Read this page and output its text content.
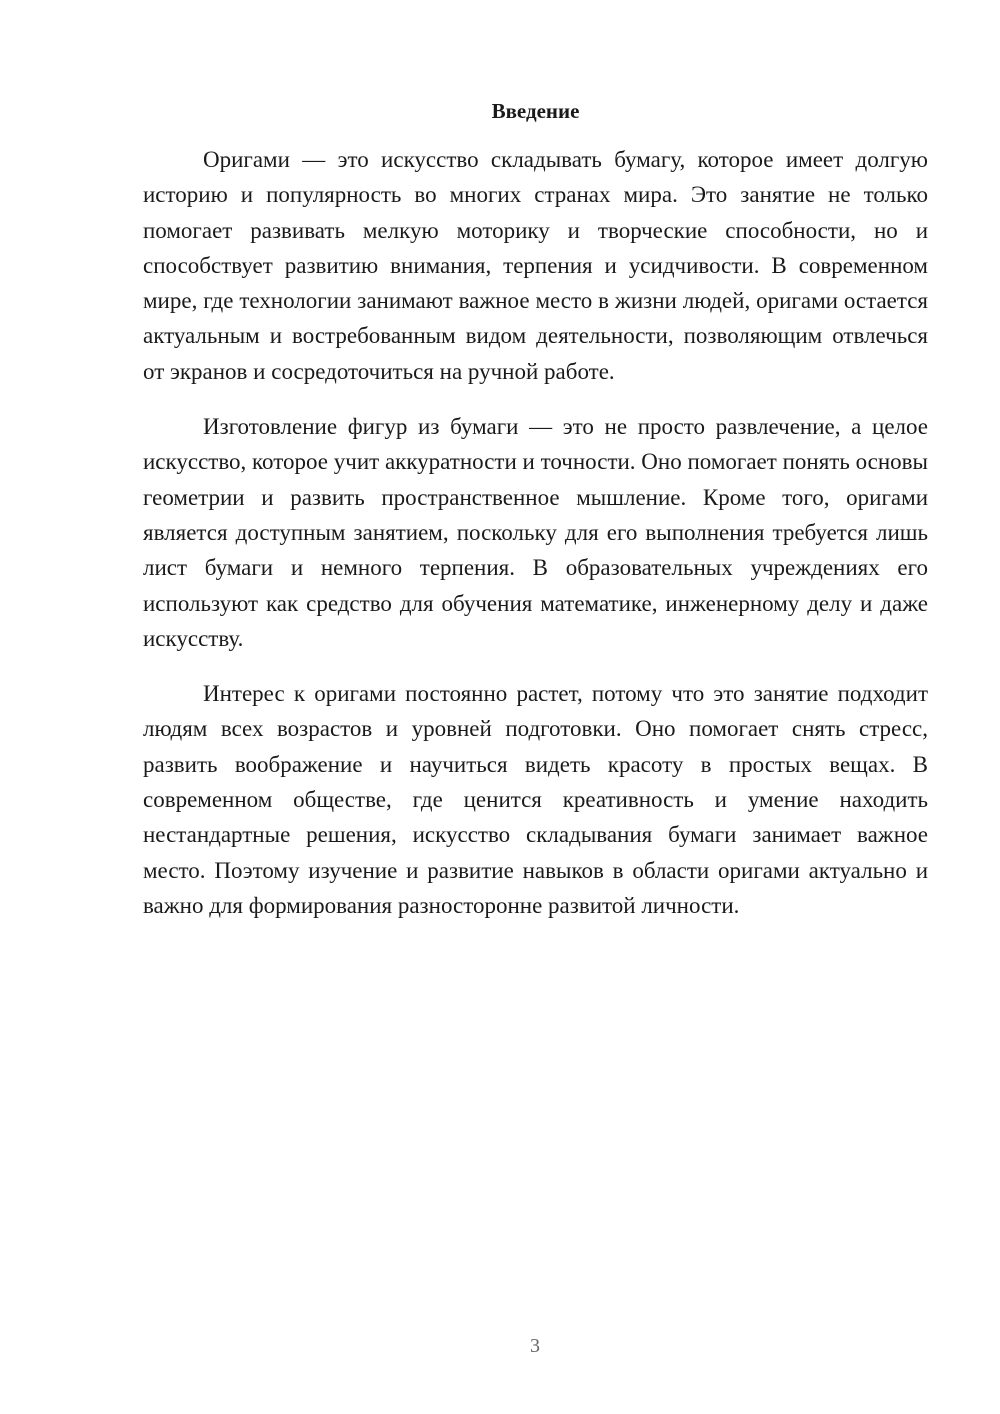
Введение

Оригами — это искусство складывать бумагу, которое имеет долгую историю и популярность во многих странах мира. Это занятие не только помогает развивать мелкую моторику и творческие способности, но и способствует развитию внимания, терпения и усидчивости. В современном мире, где технологии занимают важное место в жизни людей, оригами остается актуальным и востребованным видом деятельности, позволяющим отвлечься от экранов и сосредоточиться на ручной работе.

Изготовление фигур из бумаги — это не просто развлечение, а целое искусство, которое учит аккуратности и точности. Оно помогает понять основы геометрии и развить пространственное мышление. Кроме того, оригами является доступным занятием, поскольку для его выполнения требуется лишь лист бумаги и немного терпения. В образовательных учреждениях его используют как средство для обучения математике, инженерному делу и даже искусству.

Интерес к оригами постоянно растет, потому что это занятие подходит людям всех возрастов и уровней подготовки. Оно помогает снять стресс, развить воображение и научиться видеть красоту в простых вещах. В современном обществе, где ценится креативность и умение находить нестандартные решения, искусство складывания бумаги занимает важное место. Поэтому изучение и развитие навыков в области оригами актуально и важно для формирования разносторонне развитой личности.

3
